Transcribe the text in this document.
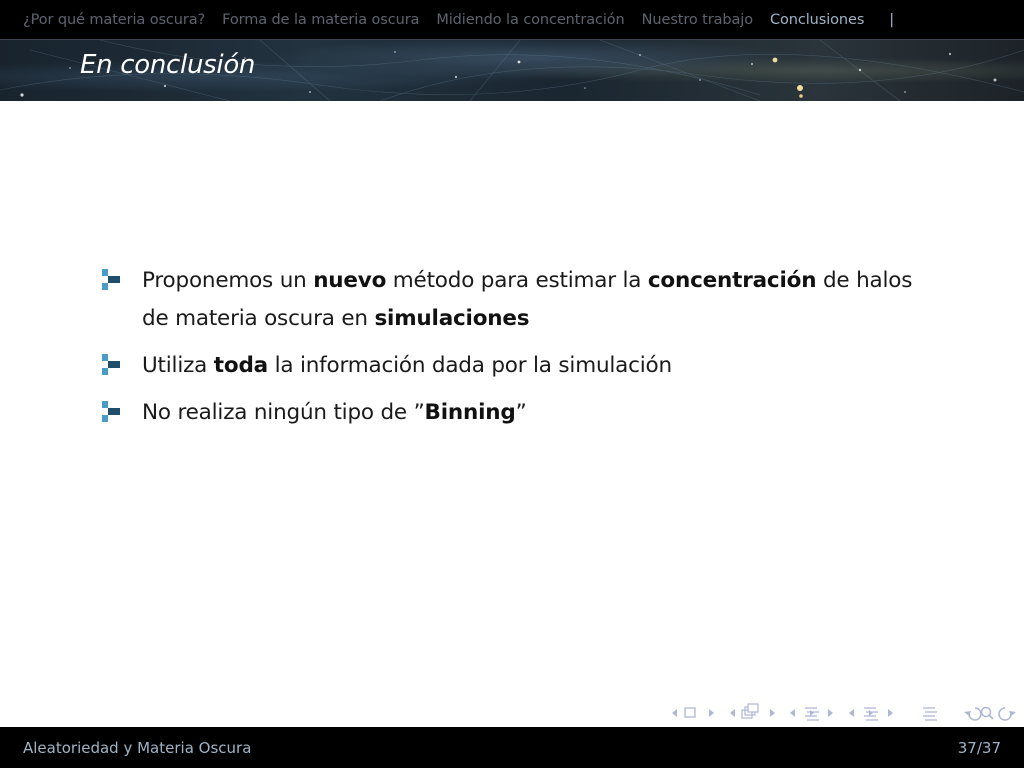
¿Por qué materia oscura? Forma de la materia oscura Midiendo la concentración Nuestro trabajo Conclusiones |
En conclusión
Proponemos un nuevo método para estimar la concentración de halos de materia oscura en simulaciones
Utiliza toda la información dada por la simulación
No realiza ningún tipo de ”Binning”
Aleatoriedad y Materia Oscura	37/37
